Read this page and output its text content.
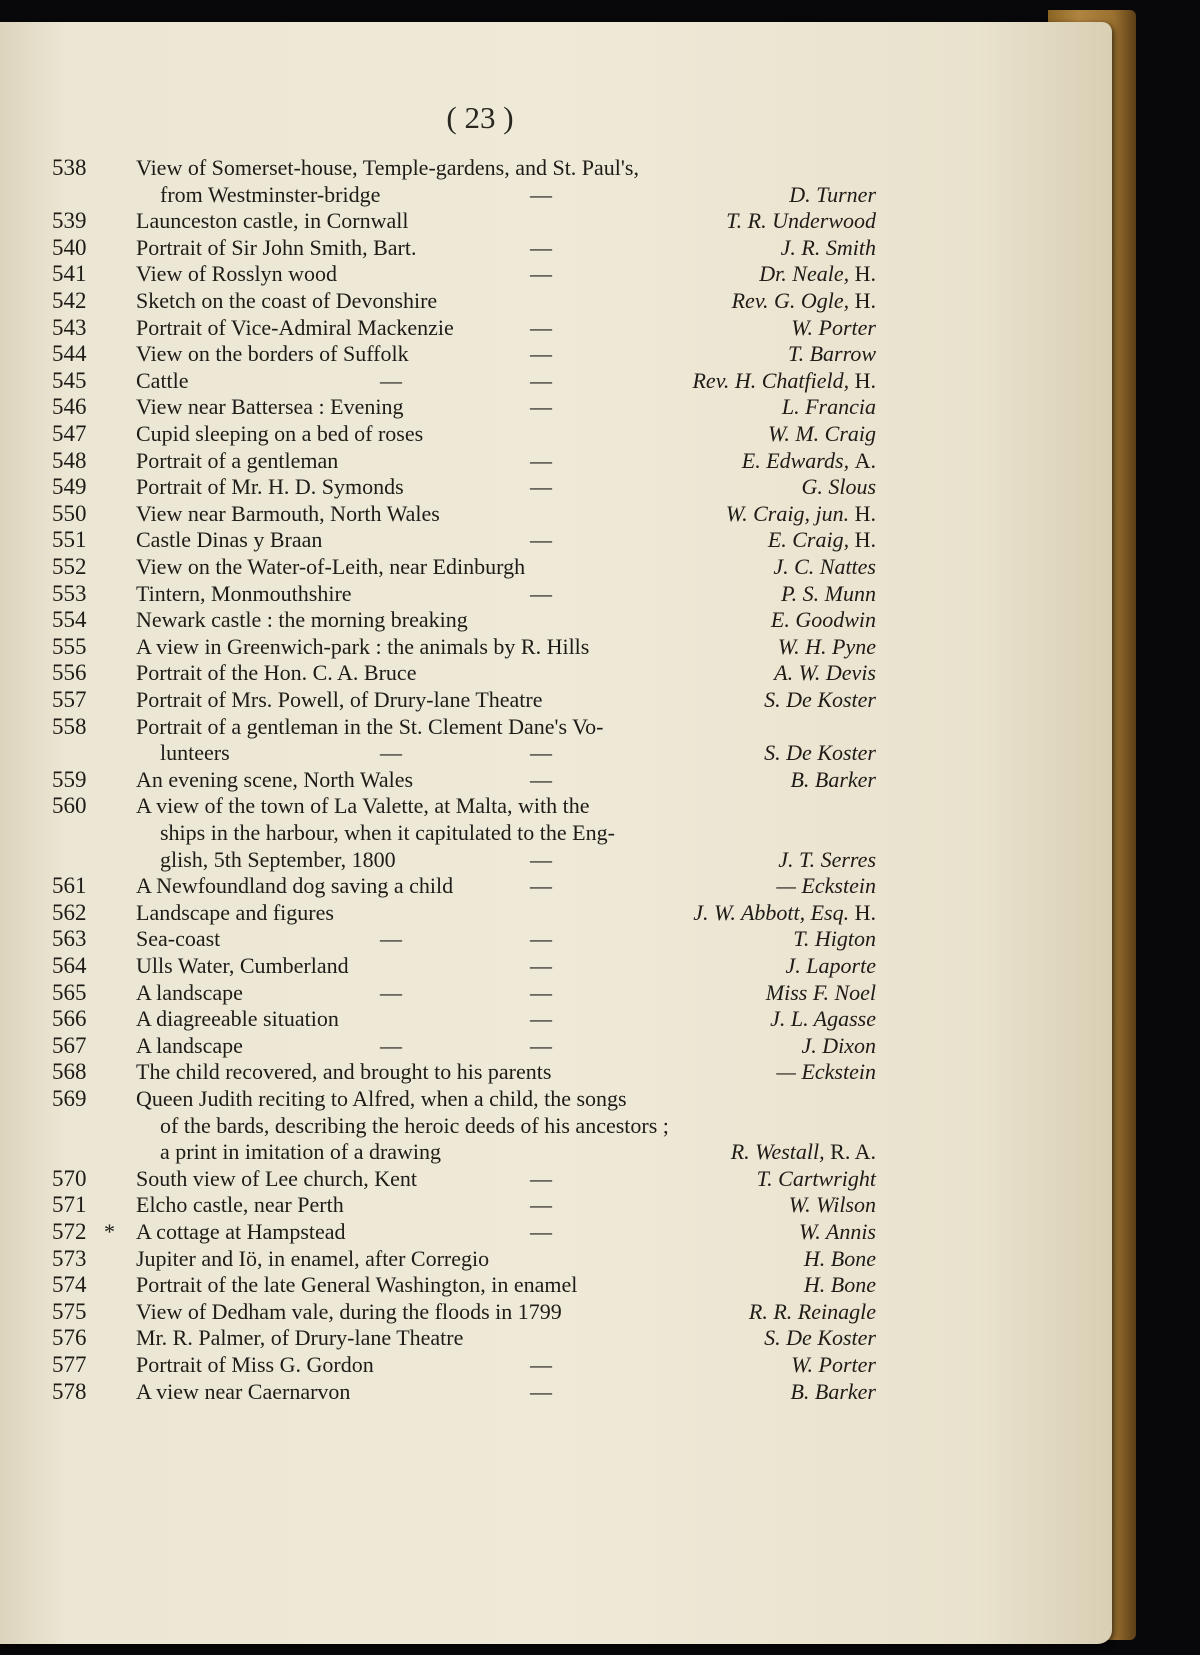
( 23 )
538	View of Somerset-house, Temple-gardens, and St. Paul's,
from Westminster-bridge	—	D. Turner
539	Launceston castle, in Cornwall	T. R. Underwood
540	Portrait of Sir John Smith, Bart.	—	J. R. Smith
541	View of Rosslyn wood	—	Dr. Neale, H.
542	Sketch on the coast of Devonshire	Rev. G. Ogle, H.
543	Portrait of Vice-Admiral Mackenzie	—	W. Porter
544	View on the borders of Suffolk	—	T. Barrow
545	Cattle	—	—	Rev. H. Chatfield, H.
546	View near Battersea : Evening	—	L. Francia
547	Cupid sleeping on a bed of roses	W. M. Craig
548	Portrait of a gentleman	—	E. Edwards, A.
549	Portrait of Mr. H. D. Symonds	—	G. Slous
550	View near Barmouth, North Wales	W. Craig, jun. H.
551	Castle Dinas y Braan	—	E. Craig, H.
552	View on the Water-of-Leith, near Edinburgh	J. C. Nattes
553	Tintern, Monmouthshire	—	P. S. Munn
554	Newark castle : the morning breaking	E. Goodwin
555	A view in Greenwich-park : the animals by R. Hills	W. H. Pyne
556	Portrait of the Hon. C. A. Bruce	A. W. Devis
557	Portrait of Mrs. Powell, of Drury-lane Theatre	S. De Koster
558	Portrait of a gentleman in the St. Clement Dane's Vo-
lunteers	—	—	S. De Koster
559	An evening scene, North Wales	—	B. Barker
560	A view of the town of La Valette, at Malta, with the
ships in the harbour, when it capitulated to the Eng-
glish, 5th September, 1800	—	J. T. Serres
561	A Newfoundland dog saving a child	—	— Eckstein
562	Landscape and figures	J. W. Abbott, Esq. H.
563	Sea-coast	—	—	T. Higton
564	Ulls Water, Cumberland	—	J. Laporte
565	A landscape	—	—	Miss F. Noel
566	A diagreeable situation	—	J. L. Agasse
567	A landscape	—	—	J. Dixon
568	The child recovered, and brought to his parents	— Eckstein
569	Queen Judith reciting to Alfred, when a child, the songs
of the bards, describing the heroic deeds of his ancestors ;
a print in imitation of a drawing	R. Westall, R. A.
570	South view of Lee church, Kent	—	T. Cartwright
571	Elcho castle, near Perth	—	W. Wilson
572 * A cottage at Hampstead	—	W. Annis
573	Jupiter and Iö, in enamel, after Corregio	H. Bone
574	Portrait of the late General Washington, in enamel	H. Bone
575	View of Dedham vale, during the floods in 1799	R. R. Reinagle
576	Mr. R. Palmer, of Drury-lane Theatre	S. De Koster
577	Portrait of Miss G. Gordon	—	W. Porter
578	A view near Caernarvon	—	B. Barker
